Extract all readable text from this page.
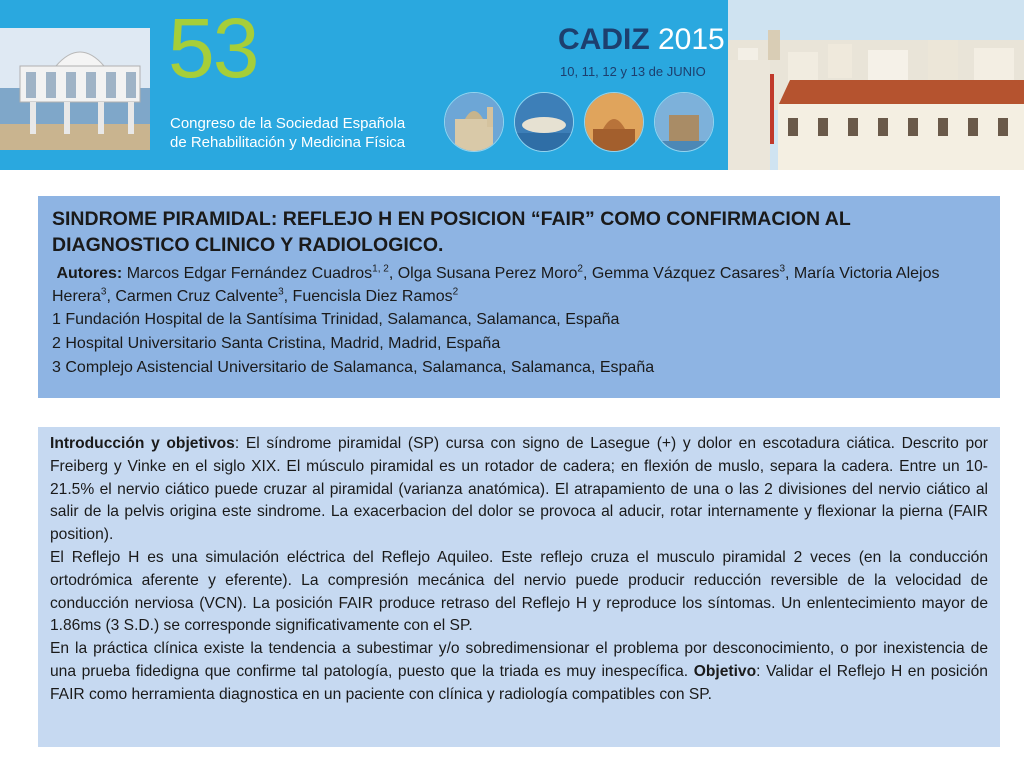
53
Congreso de la Sociedad Española
de Rehabilitación y Medicina Física
CADIZ 2015
10, 11, 12 y 13 de JUNIO
SINDROME PIRAMIDAL: REFLEJO H EN POSICION “FAIR” COMO CONFIRMACION AL DIAGNOSTICO CLINICO Y RADIOLOGICO.
Autores: Marcos Edgar Fernández Cuadros$^{1, 2}$, Olga Susana Perez Moro$^2$, Gemma Vázquez Casares$^3$, María Victoria Alejos Herera$^3$, Carmen Cruz Calvente$^3$, Fuencisla Diez Ramos$^2$
1 Fundación Hospital de la Santísima Trinidad, Salamanca, Salamanca, España
2 Hospital Universitario Santa Cristina, Madrid, Madrid, España
3 Complejo Asistencial Universitario de Salamanca, Salamanca, Salamanca, España

Introducción y objetivos: El síndrome piramidal (SP) cursa con signo de Lasegue (+) y dolor en escotadura ciática. Descrito por Freiberg y Vinke en el siglo XIX. El músculo piramidal es un rotador de cadera; en flexión de muslo, separa la cadera. Entre un 10-21.5% el nervio ciático puede cruzar al piramidal (varianza anatómica). El atrapamiento de una o las 2 divisiones del nervio ciático al salir de la pelvis origina este sindrome. La exacerbacion del dolor se provoca al aducir, rotar internamente y flexionar la pierna (FAIR position).

El Reflejo H es una simulación eléctrica del Reflejo Aquileo. Este reflejo cruza el musculo piramidal 2 veces (en la conducción ortodrómica aferente y eferente). La compresión mecánica del nervio puede producir reducción reversible de la velocidad de conducción nerviosa (VCN). La posición FAIR produce retraso del Reflejo H y reproduce los síntomas. Un enlentecimiento mayor de 1.86ms (3 S.D.) se corresponde significativamente con el SP.

En la práctica clínica existe la tendencia a subestimar y/o sobredimensionar el problema por desconocimiento, o por inexistencia de una prueba fidedigna que confirme tal patología, puesto que la triada es muy inespecífica. Objetivo: Validar el Reflejo H en posición FAIR como herramienta diagnostica en un paciente con clínica y radiología compatibles con SP.
